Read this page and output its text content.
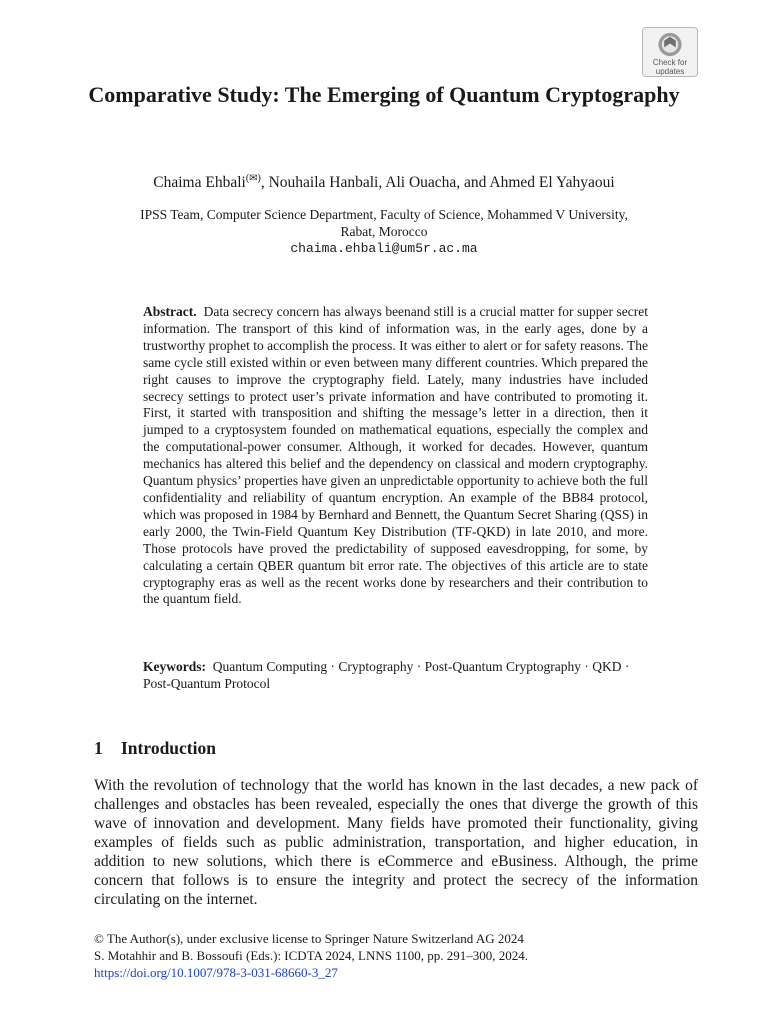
Check for
updates
Comparative Study: The Emerging of Quantum Cryptography
Chaima Ehbali(✉), Nouhaila Hanbali, Ali Ouacha, and Ahmed El Yahyaoui
IPSS Team, Computer Science Department, Faculty of Science, Mohammed V University,
Rabat, Morocco
chaima.ehbali@um5r.ac.ma
Abstract. Data secrecy concern has always beenand still is a crucial matter for supper secret information. The transport of this kind of information was, in the early ages, done by a trustworthy prophet to accomplish the process. It was either to alert or for safety reasons. The same cycle still existed within or even between many different countries. Which prepared the right causes to improve the cryptography field. Lately, many industries have included secrecy settings to protect user’s private information and have contributed to promoting it. First, it started with transposition and shifting the message’s letter in a direction, then it jumped to a cryptosystem founded on mathematical equations, especially the complex and the computational-power consumer. Although, it worked for decades. However, quantum mechanics has altered this belief and the dependency on classical and modern cryptography. Quantum physics’ properties have given an unpredictable opportunity to achieve both the full confidentiality and reliability of quantum encryption. An example of the BB84 protocol, which was proposed in 1984 by Bernhard and Bennett, the Quantum Secret Sharing (QSS) in early 2000, the Twin-Field Quantum Key Distribution (TF-QKD) in late 2010, and more. Those protocols have proved the predictability of supposed eavesdropping, for some, by calculating a certain QBER quantum bit error rate. The objectives of this article are to state cryptography eras as well as the recent works done by researchers and their contribution to the quantum field.
Keywords: Quantum Computing · Cryptography · Post-Quantum Cryptography · QKD · Post-Quantum Protocol
1 Introduction
With the revolution of technology that the world has known in the last decades, a new pack of challenges and obstacles has been revealed, especially the ones that diverge the growth of this wave of innovation and development. Many fields have promoted their functionality, giving examples of fields such as public administration, transportation, and higher education, in addition to new solutions, which there is eCommerce and eBusiness. Although, the prime concern that follows is to ensure the integrity and protect the secrecy of the information circulating on the internet.
© The Author(s), under exclusive license to Springer Nature Switzerland AG 2024
S. Motahhir and B. Bossoufi (Eds.): ICDTA 2024, LNNS 1100, pp. 291–300, 2024.
https://doi.org/10.1007/978-3-031-68660-3_27
